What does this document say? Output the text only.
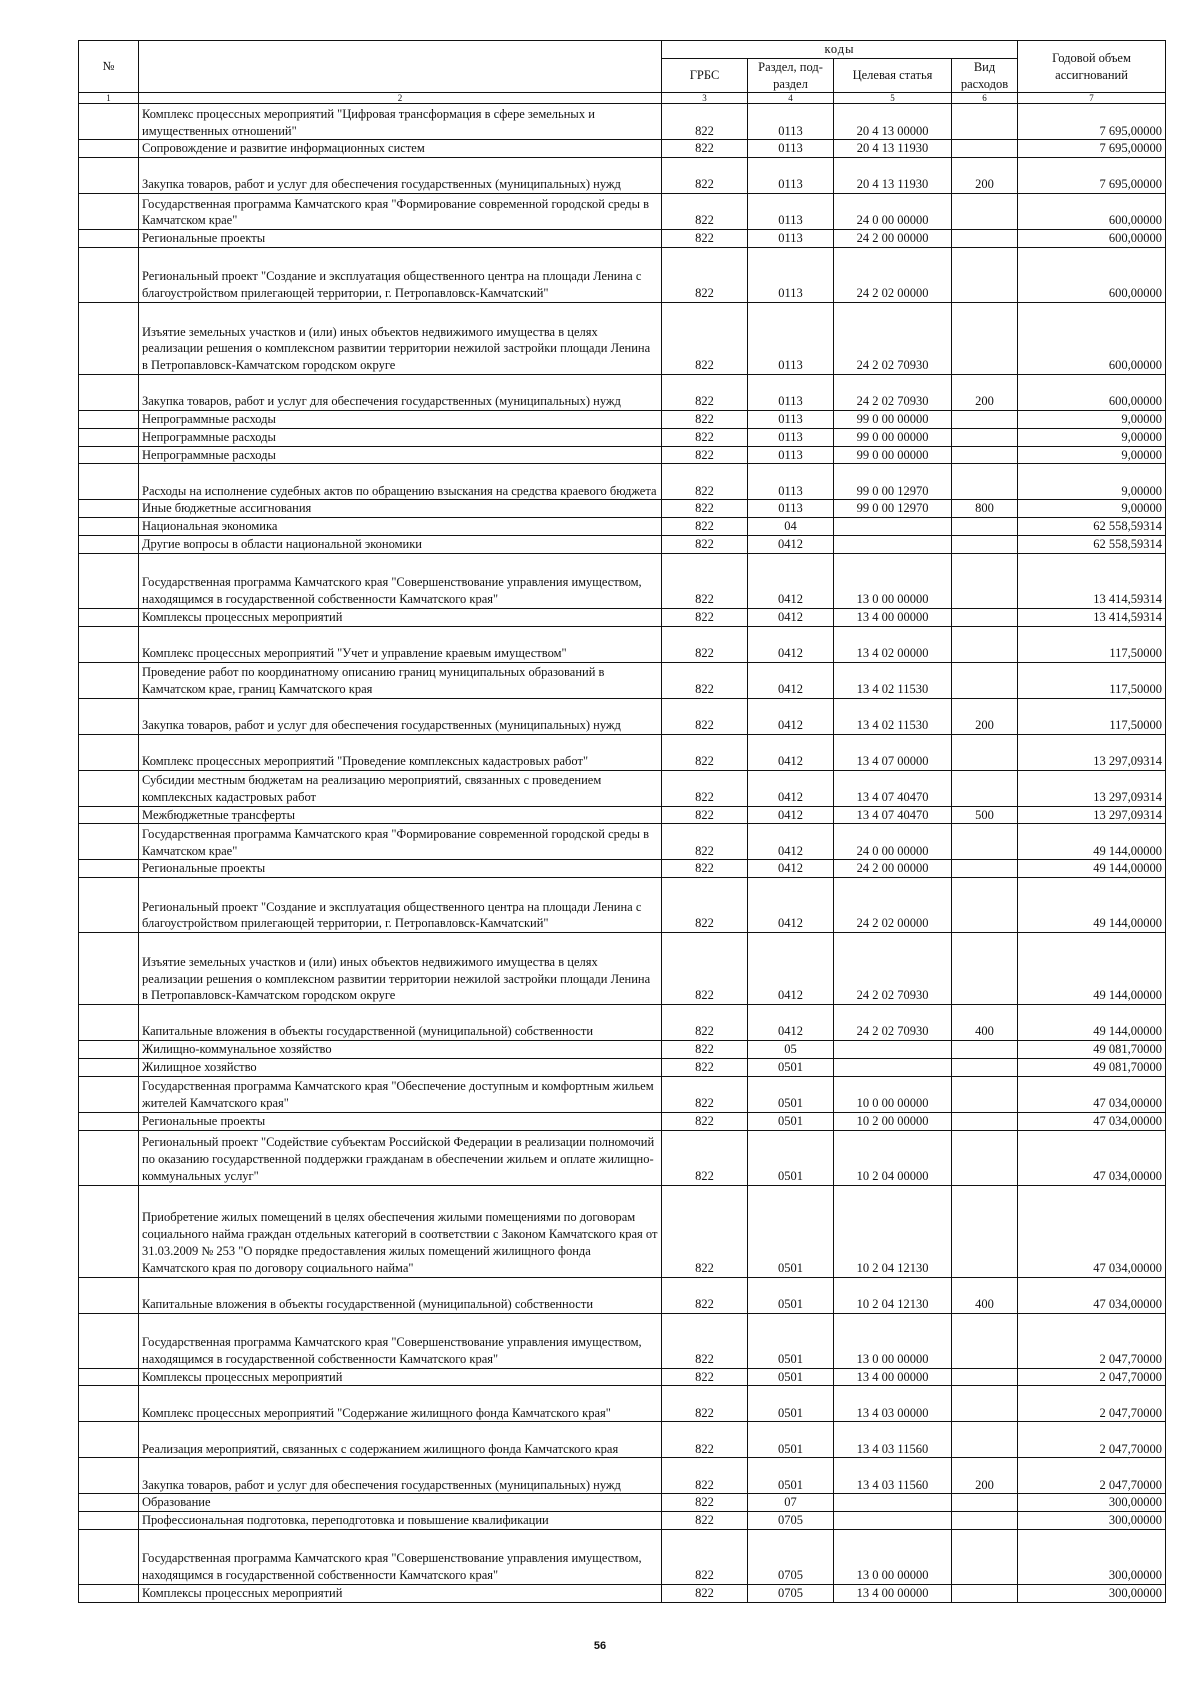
№		коды				Годовой объем ассигнований
		ГРБС	Раздел, под-раздел	Целевая статья	Вид расходов	
1	2	3	4	5	6	7
	Комплекс процессных мероприятий "Цифровая трансформация в сфере земельных и имущественных отношений"	822	0113	20 4 13 00000		7 695,00000
	Сопровождение и развитие информационных систем	822	0113	20 4 13 11930		7 695,00000
	Закупка товаров, работ и услуг для обеспечения государственных (муниципальных) нужд	822	0113	20 4 13 11930	200	7 695,00000
	Государственная программа Камчатского края "Формирование современной городской среды в Камчатском крае"	822	0113	24 0 00 00000		600,00000
	Региональные проекты	822	0113	24 2 00 00000		600,00000
	Региональный проект "Создание и эксплуатация общественного центра на площади Ленина с благоустройством прилегающей территории, г. Петропавловск-Камчатский"	822	0113	24 2 02 00000		600,00000
	Изъятие земельных участков и (или) иных объектов недвижимого имущества в целях реализации решения о комплексном развитии территории нежилой застройки площади Ленина в Петропавловск-Камчатском городском округе	822	0113	24 2 02 70930		600,00000
	Закупка товаров, работ и услуг для обеспечения государственных (муниципальных) нужд	822	0113	24 2 02 70930	200	600,00000
	Непрограммные расходы	822	0113	99 0 00 00000		9,00000
	Непрограммные расходы	822	0113	99 0 00 00000		9,00000
	Непрограммные расходы	822	0113	99 0 00 00000		9,00000
	Расходы на исполнение судебных актов по обращению взыскания на средства краевого бюджета	822	0113	99 0 00 12970		9,00000
	Иные бюджетные ассигнования	822	0113	99 0 00 12970	800	9,00000
	Национальная экономика	822	04			62 558,59314
	Другие вопросы в области национальной экономики	822	0412			62 558,59314
	Государственная программа Камчатского края "Совершенствование управления имуществом, находящимся в государственной собственности Камчатского края"	822	0412	13 0 00 00000		13 414,59314
	Комплексы процессных мероприятий	822	0412	13 4 00 00000		13 414,59314
	Комплекс процессных мероприятий "Учет и управление краевым имуществом"	822	0412	13 4 02 00000		117,50000
	Проведение работ по координатному описанию границ муниципальных образований в Камчатском крае, границ Камчатского края	822	0412	13 4 02 11530		117,50000
	Закупка товаров, работ и услуг для обеспечения государственных (муниципальных) нужд	822	0412	13 4 02 11530	200	117,50000
	Комплекс процессных мероприятий "Проведение комплексных кадастровых работ"	822	0412	13 4 07 00000		13 297,09314
	Субсидии местным бюджетам на реализацию мероприятий, связанных с проведением комплексных кадастровых работ	822	0412	13 4 07 40470		13 297,09314
	Межбюджетные трансферты	822	0412	13 4 07 40470	500	13 297,09314
	Государственная программа Камчатского края "Формирование современной городской среды в Камчатском крае"	822	0412	24 0 00 00000		49 144,00000
	Региональные проекты	822	0412	24 2 00 00000		49 144,00000
	Региональный проект "Создание и эксплуатация общественного центра на площади Ленина с благоустройством прилегающей территории, г. Петропавловск-Камчатский"	822	0412	24 2 02 00000		49 144,00000
	Изъятие земельных участков и (или) иных объектов недвижимого имущества в целях реализации решения о комплексном развитии территории нежилой застройки площади Ленина в Петропавловск-Камчатском городском округе	822	0412	24 2 02 70930		49 144,00000
	Капитальные вложения в объекты государственной (муниципальной) собственности	822	0412	24 2 02 70930	400	49 144,00000
	Жилищно-коммунальное хозяйство	822	05			49 081,70000
	Жилищное хозяйство	822	0501			49 081,70000
	Государственная программа Камчатского края "Обеспечение доступным и комфортным жильем жителей Камчатского края"	822	0501	10 0 00 00000		47 034,00000
	Региональные проекты	822	0501	10 2 00 00000		47 034,00000
	Региональный проект "Содействие субъектам Российской Федерации в реализации полномочий по оказанию государственной поддержки гражданам в обеспечении жильем и оплате жилищно-коммунальных услуг"	822	0501	10 2 04 00000		47 034,00000
	Приобретение жилых помещений в целях обеспечения жилыми помещениями по договорам социального найма граждан отдельных категорий в соответствии с Законом Камчатского края от 31.03.2009 № 253 "О порядке предоставления жилых помещений жилищного фонда Камчатского края по договору социального найма"	822	0501	10 2 04 12130		47 034,00000
	Капитальные вложения в объекты государственной (муниципальной) собственности	822	0501	10 2 04 12130	400	47 034,00000
	Государственная программа Камчатского края "Совершенствование управления имуществом, находящимся в государственной собственности Камчатского края"	822	0501	13 0 00 00000		2 047,70000
	Комплексы процессных мероприятий	822	0501	13 4 00 00000		2 047,70000
	Комплекс процессных мероприятий "Содержание жилищного фонда Камчатского края"	822	0501	13 4 03 00000		2 047,70000
	Реализация мероприятий, связанных с содержанием жилищного фонда Камчатского края	822	0501	13 4 03 11560		2 047,70000
	Закупка товаров, работ и услуг для обеспечения государственных (муниципальных) нужд	822	0501	13 4 03 11560	200	2 047,70000
	Образование	822	07			300,00000
	Профессиональная подготовка, переподготовка и повышение квалификации	822	0705			300,00000
	Государственная программа Камчатского края "Совершенствование управления имуществом, находящимся в государственной собственности Камчатского края"	822	0705	13 0 00 00000		300,00000
	Комплексы процессных мероприятий	822	0705	13 4 00 00000		300,00000
56
